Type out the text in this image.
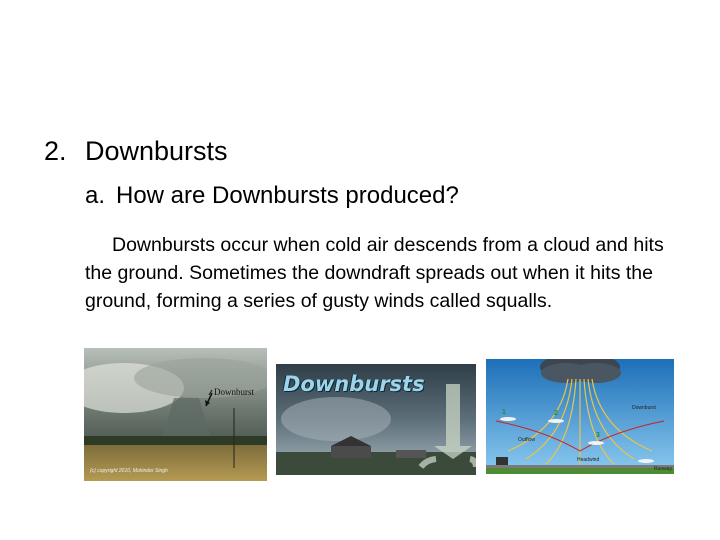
2. Downbursts
a. How are Downbursts produced?
Downbursts occur when cold air descends from a cloud and hits the ground. Sometimes the downdraft spreads out when it hits the ground, forming a series of gusty winds called squalls.
Downburst
(c) copyright 2010, Mohinder Singh
Downbursts
1	2
3
Downburst
Outflow
Headwind
Runway
